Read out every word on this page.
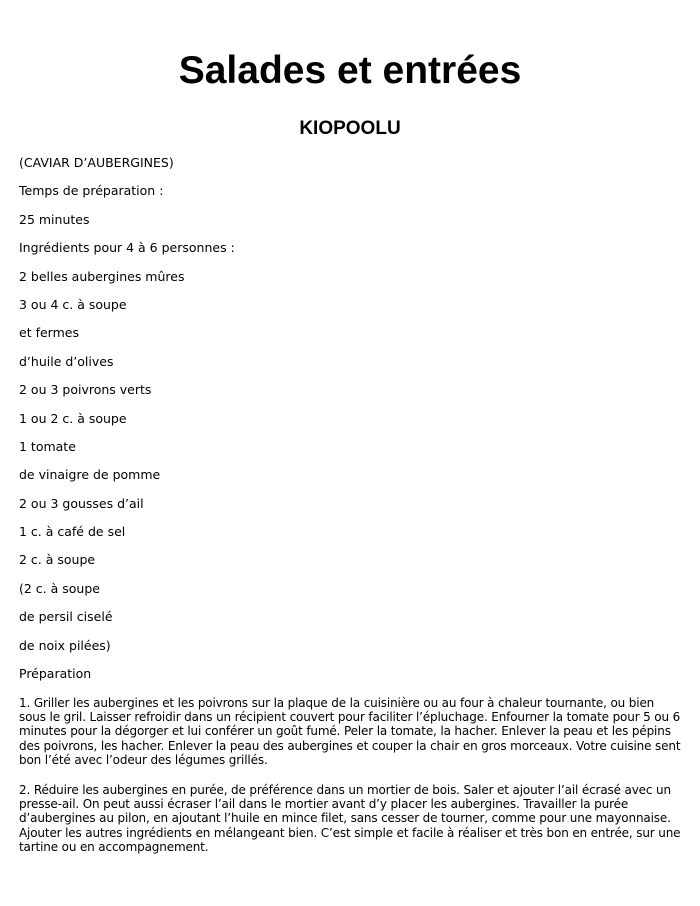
Salades et entrées
KIOPOOLU
(CAVIAR D’AUBERGINES)
Temps de préparation :
25 minutes
Ingrédients pour 4 à 6 personnes :
2 belles aubergines mûres
3 ou 4 c. à soupe
et fermes
d’huile d’olives
2 ou 3 poivrons verts
1 ou 2 c. à soupe
1 tomate
de vinaigre de pomme
2 ou 3 gousses d’ail
1 c. à café de sel
2 c. à soupe
(2 c. à soupe
de persil ciselé
de noix pilées)
Préparation

1. Griller les aubergines et les poivrons sur la plaque de la cuisinière ou au four à chaleur tournante, ou bien sous le gril. Laisser refroidir dans un récipient couvert pour faciliter l’épluchage. Enfourner la tomate pour 5 ou 6 minutes pour la dégorger et lui conférer un goût fumé. Peler la tomate, la hacher. Enlever la peau et les pépins des poivrons, les hacher. Enlever la peau des aubergines et couper la chair en gros morceaux. Votre cuisine sent bon l’été avec l’odeur des légumes grillés.

2. Réduire les aubergines en purée, de préférence dans un mortier de bois. Saler et ajouter l’ail écrasé avec un presse-ail. On peut aussi écraser l’ail dans le mortier avant d’y placer les aubergines. Travailler la purée d’aubergines au pilon, en ajoutant l’huile en mince filet, sans cesser de tourner, comme pour une mayonnaise. Ajouter les autres ingrédients en mélangeant bien. C’est simple et facile à réaliser et très bon en entrée, sur une tartine ou en accompagnement.
